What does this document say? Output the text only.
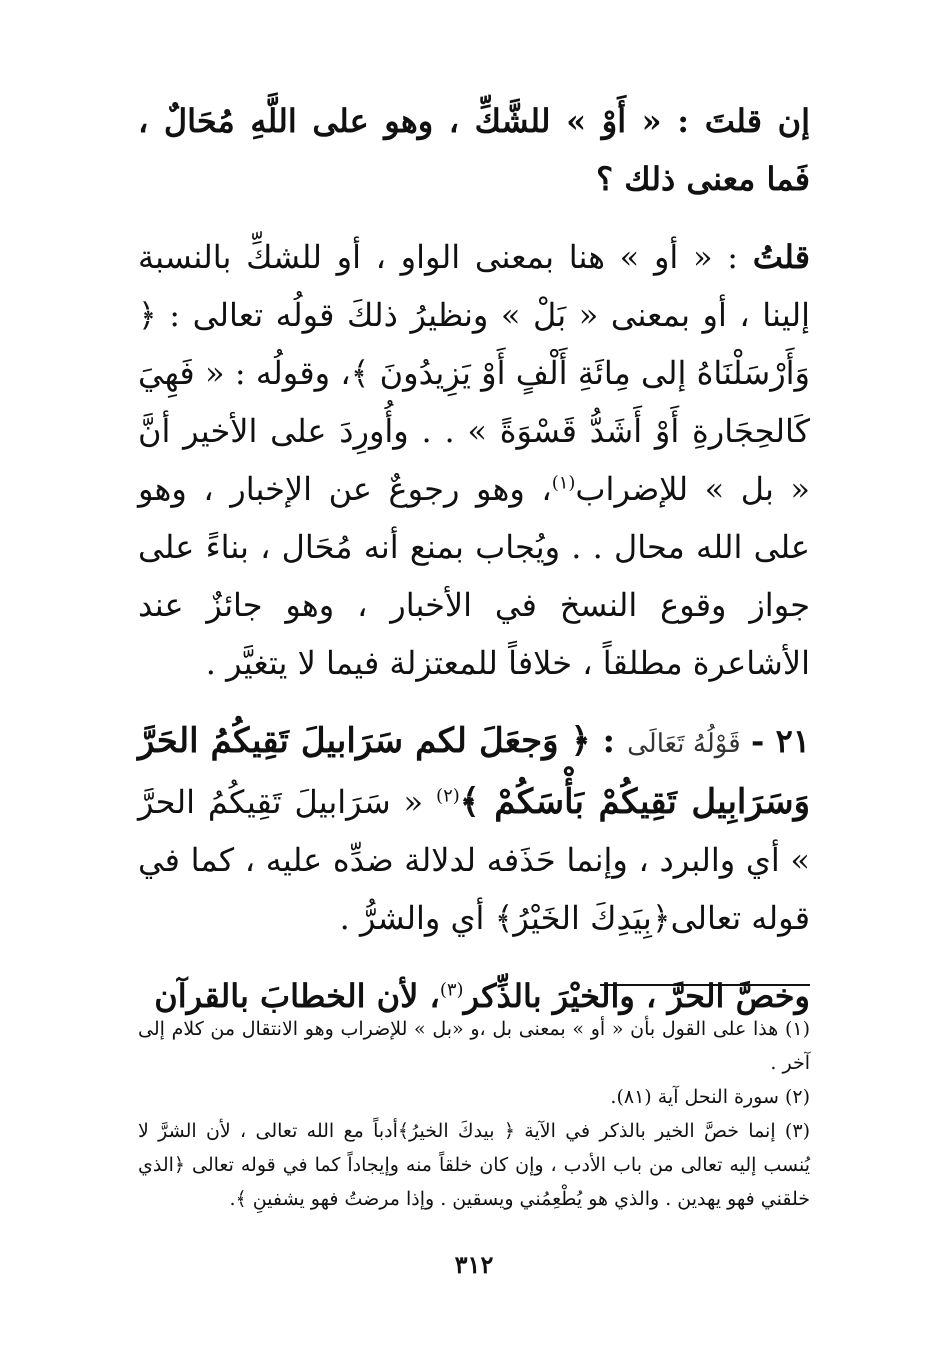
إن قلتَ : « أَوْ » للشَّكِّ ، وهو على اللَّهِ مُحَالٌ ، فَما معنى ذلك ؟

قلتُ : « أو » هنا بمعنى الواو ، أو للشكِّ بالنسبة إلينا ، أو بمعنى « بَلْ » ونظيرُ ذلكَ قولُه تعالى : ﴿ وَأَرْسَلْنَاهُ إلى مِائَةِ أَلْفٍ أَوْ يَزِيدُونَ ﴾، وقولُه : « فَهِيَ كَالحِجَارةِ أَوْ أَشَدُّ قَسْوَةً » . . وأُورِدَ على الأخير أنَّ « بل » للإضراب$^{(١)}$، وهو رجوعٌ عن الإخبار ، وهو على الله محال . . ويُجاب بمنع أنه مُحَال ، بناءً على جواز وقوع النسخ في الأخبار ، وهو جائزٌ عند الأشاعرة مطلقاً ، خلافاً للمعتزلة فيما لا يتغيَّر .

٢١ - قَوْلُهُ تَعَالَى : ﴿ وَجعَلَ لكم سَرَابيلَ تَقِيكُمُ الحَرَّ وَسَرَابِيل تَقِيكُمْ بَأْسَكُمْ ﴾$^{(٢)}$ « سَرَابيلَ تَقِيكُمُ الحرَّ » أي والبرد ، وإنما حَذَفه لدلالة ضدِّه عليه ، كما في قوله تعالى﴿بِيَدِكَ الخَيْرُ﴾ أي والشرُّ .

وخصَّ الحرَّ ، والخيْرَ بالذِّكر$^{(٣)}$، لأن الخطابَ بالقرآن

(١) هذا على القول بأن « أو » بمعنى بل ،و «بل » للإضراب وهو الانتقال من كلام إلى آخر .

(٢) سورة النحل آية (٨١).

(٣) إنما خصَّ الخير بالذكر في الآية ﴿ بيدكَ الخيرُ﴾أدباً مع الله تعالى ، لأن الشرَّ لا يُنسب إليه تعالى من باب الأدب ، وإن كان خلقاً منه وإيجاداً كما في قوله تعالى ﴿الذي خلقني فهو يهدين . والذي هو يُطْعِمُني ويسقين . وإذا مرضتُ فهو يشفينِ ﴾.

٣١٢
